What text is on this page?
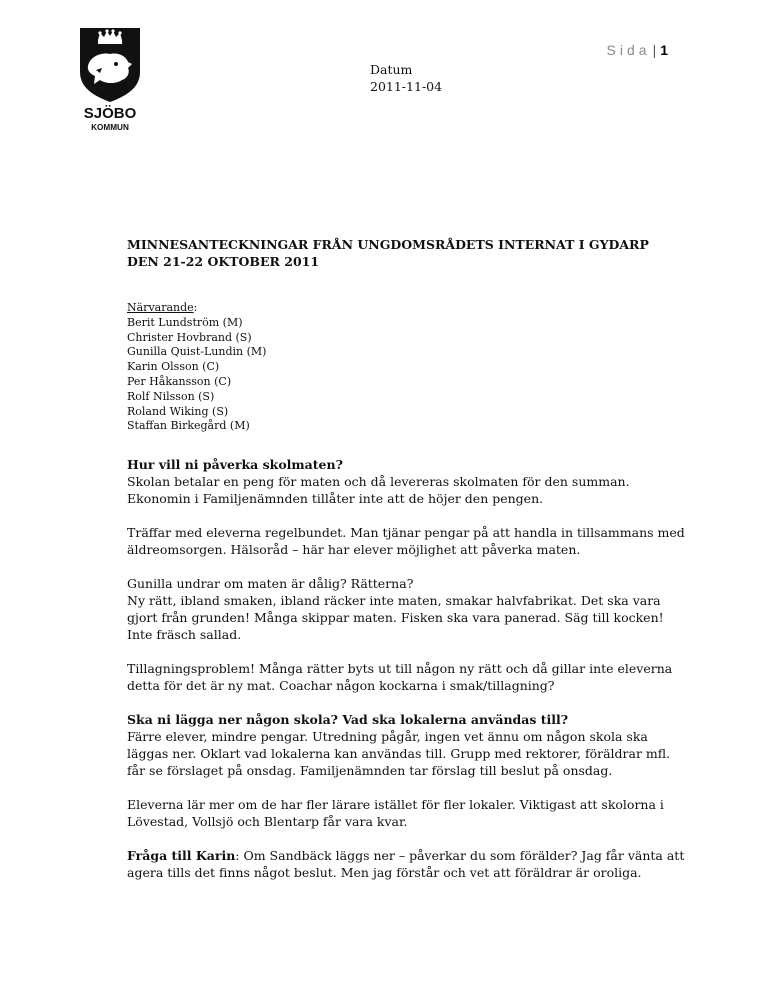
SJÖBO
KOMMUN
Sida | 1
Datum
2011-11-04
MINNESANTECKNINGAR FRÅN UNGDOMSRÅDETS INTERNAT I GYDARP
DEN 21-22 OKTOBER 2011
Närvarande:
Berit Lundström (M)
Christer Hovbrand (S)
Gunilla Quist-Lundin (M)
Karin Olsson (C)
Per Håkansson (C)
Rolf Nilsson (S)
Roland Wiking (S)
Staffan Birkegård (M)

Hur vill ni påverka skolmaten?
Skolan betalar en peng för maten och då levereras skolmaten för den summan. Ekonomin i Familjenämnden tillåter inte att de höjer den pengen.

Träffar med eleverna regelbundet. Man tjänar pengar på att handla in tillsammans med äldreomsorgen. Hälsoråd – här har elever möjlighet att påverka maten.

Gunilla undrar om maten är dålig? Rätterna?
Ny rätt, ibland smaken, ibland räcker inte maten, smakar halvfabrikat. Det ska vara gjort från grunden! Många skippar maten. Fisken ska vara panerad. Säg till kocken! Inte fräsch sallad.

Tillagningsproblem! Många rätter byts ut till någon ny rätt och då gillar inte eleverna detta för det är ny mat. Coachar någon kockarna i smak/tillagning?

Ska ni lägga ner någon skola? Vad ska lokalerna användas till?
Färre elever, mindre pengar. Utredning pågår, ingen vet ännu om någon skola ska läggas ner. Oklart vad lokalerna kan användas till. Grupp med rektorer, föräldrar mfl. får se förslaget på onsdag. Familjenämnden tar förslag till beslut på onsdag.

Eleverna lär mer om de har fler lärare istället för fler lokaler. Viktigast att skolorna i Lövestad, Vollsjö och Blentarp får vara kvar.

Fråga till Karin: Om Sandbäck läggs ner – påverkar du som förälder? Jag får vänta att agera tills det finns något beslut. Men jag förstår och vet att föräldrar är oroliga.
